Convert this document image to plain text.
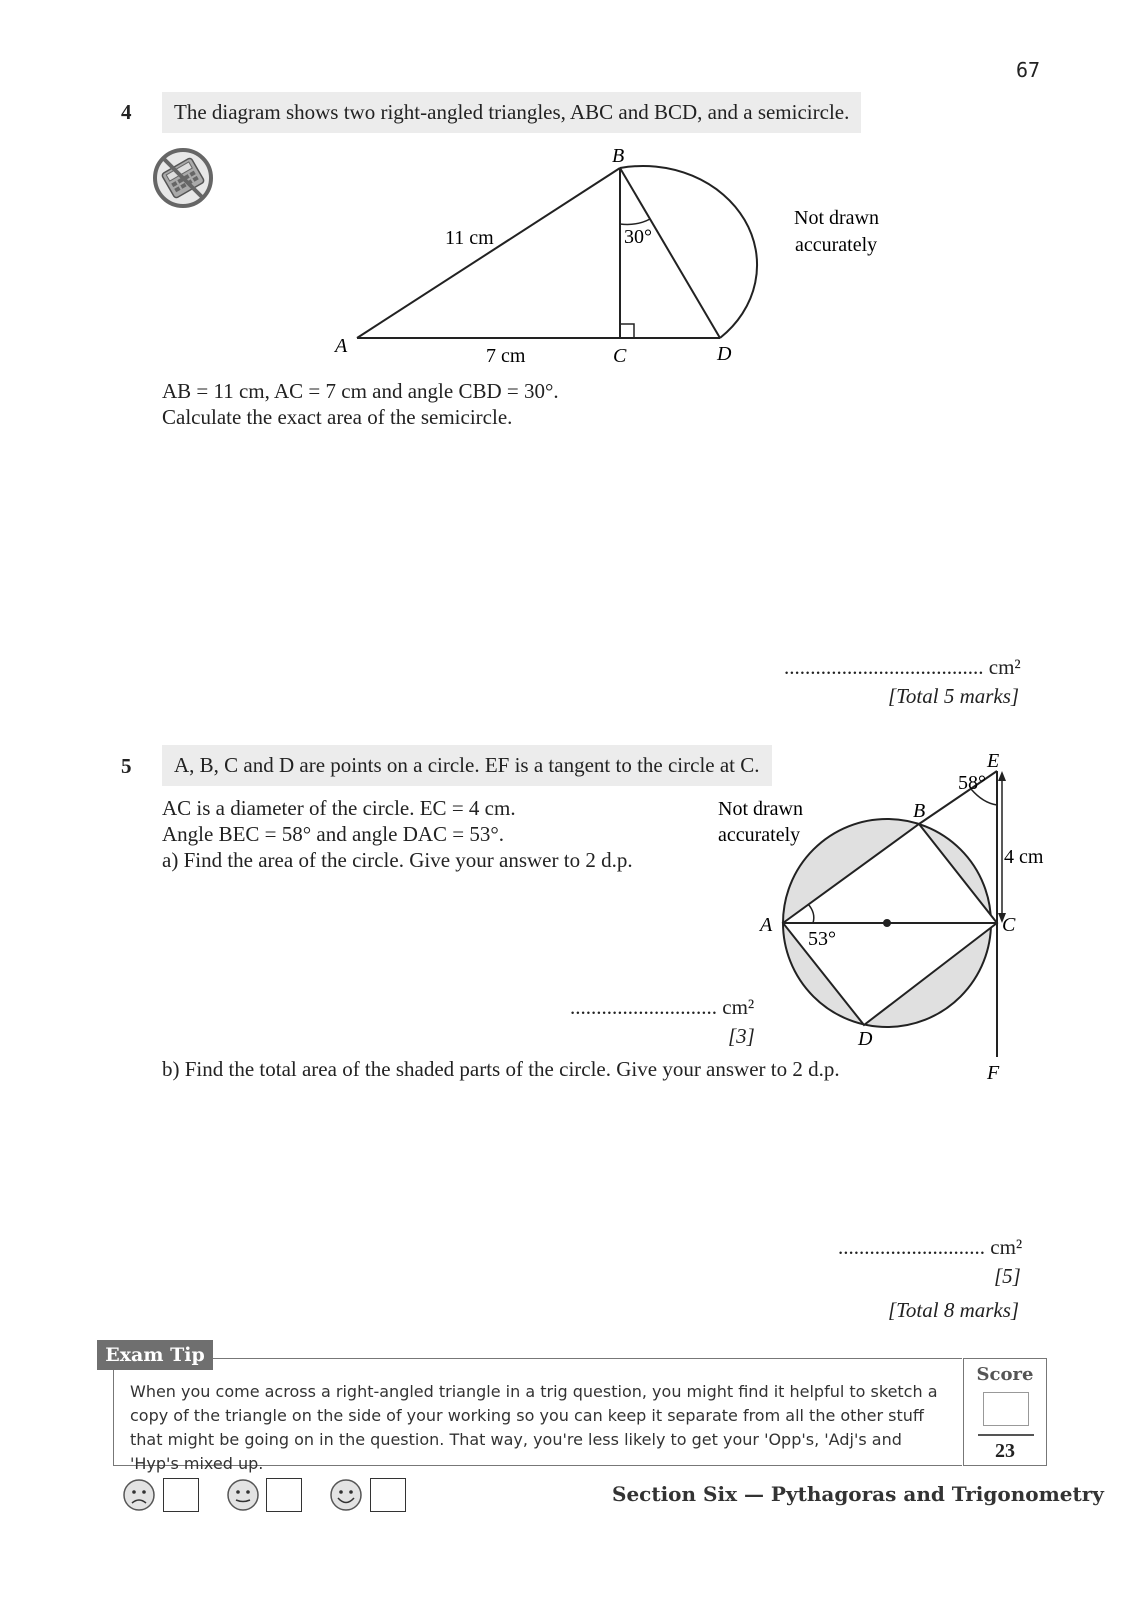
67
4	The diagram shows two right-angled triangles, ABC and BCD, and a semicircle.
B
A	C	D
11 cm
7 cm
30°
Not drawn
accurately
AB = 11 cm, AC = 7 cm and angle CBD = 30°.
Calculate the exact area of the semicircle.
...................................... cm²
[Total 5 marks]
5	A, B, C and D are points on a circle. EF is a tangent to the circle at C.
AC is a diameter of the circle. EC = 4 cm.
Angle BEC = 58° and angle DAC = 53°.
a) Find the area of the circle. Give your answer to 2 d.p.
............................ cm²
[3]
b) Find the total area of the shaded parts of the circle. Give your answer to 2 d.p.
E
58°
B
A
53°
C
D
F
4 cm
Not drawn
accurately
............................ cm²
[5]
[Total 8 marks]
Exam Tip
When you come across a right-angled triangle in a trig question, you might find it helpful to sketch a copy of the triangle on the side of your working so you can keep it separate from all the other stuff that might be going on in the question. That way, you're less likely to get your 'Opp's, 'Adj's and 'Hyp's mixed up.
Score
23
Section Six — Pythagoras and Trigonometry
